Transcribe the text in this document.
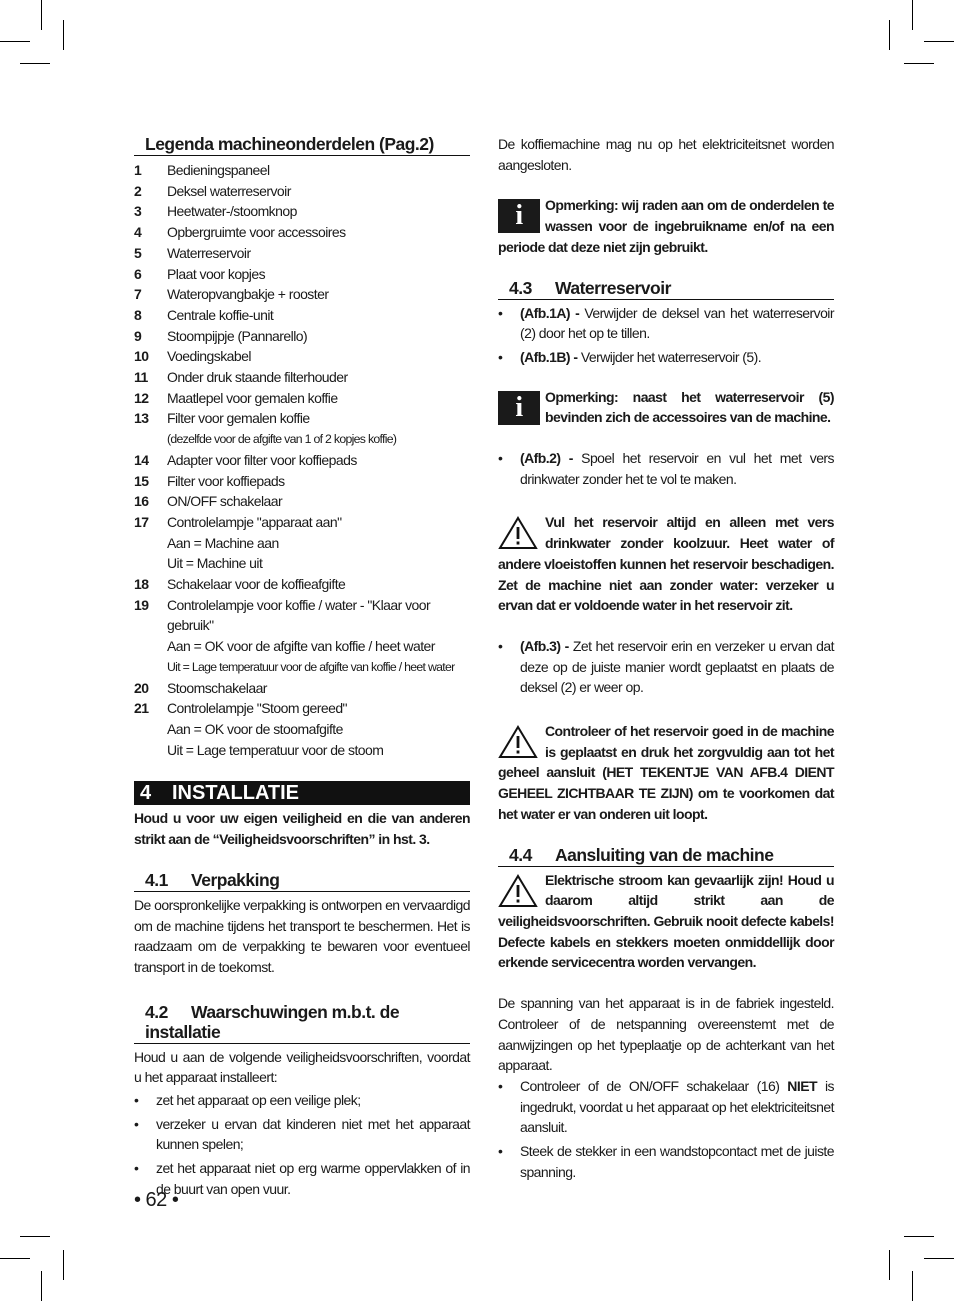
Legenda machineonderdelen (Pag.2)
1	Bedieningspaneel
2	Deksel waterreservoir
3	Heetwater-/stoomknop
4	Opbergruimte voor accessoires
5	Waterreservoir
6	Plaat voor kopjes
7	Wateropvangbakje + rooster
8	Centrale koffie-unit
9	Stoompijpje (Pannarello)
10	Voedingskabel
11	Onder druk staande filterhouder
12	Maatlepel voor gemalen koffie
13	Filter voor gemalen koffie
(dezelfde voor de afgifte van 1 of 2 kopjes koffie)
14	Adapter voor filter voor koffiepads
15	Filter voor koffiepads
16	ON/OFF schakelaar
17	Controlelampje "apparaat aan"
Aan = Machine aan
Uit = Machine uit
18	Schakelaar voor de koffieafgifte
19	Controlelampje voor koffie / water - "Klaar voor gebruik"
Aan = OK voor de afgifte van koffie / heet water
Uit = Lage temperatuur voor de afgifte van koffie / heet water
20	Stoomschakelaar
21	Controlelampje "Stoom gereed"
Aan = OK voor de stoomafgifte
Uit = Lage temperatuur voor de stoom
4 INSTALLATIE

Houd u voor uw eigen veiligheid en die van anderen strikt aan de “Veiligheidsvoorschriften” in hst. 3.

4.1 Verpakking

De oorspronkelijke verpakking is ontworpen en vervaardigd om de machine tijdens het transport te beschermen. Het is raadzaam om de verpakking te bewaren voor eventueel transport in de toekomst.

4.2 Waarschuwingen m.b.t. de installatie

Houd u aan de volgende veiligheidsvoorschriften, voordat u het apparaat installeert:

• zet het apparaat op een veilige plek;
• verzeker u ervan dat kinderen niet met het apparaat kunnen spelen;
• zet het apparaat niet op erg warme oppervlakken of in de buurt van open vuur.
• 62 •

De koffiemachine mag nu op het elektriciteitsnet worden aangesloten.

i	Opmerking: wij raden aan om de onderdelen te wassen voor de ingebruikname en/of na een periode dat deze niet zijn gebruikt.
4.3 Waterreservoir
• (Afb.1A) - Verwijder de deksel van het waterreservoir (2) door het op te tillen.
• (Afb.1B) - Verwijder het waterreservoir (5).
i	Opmerking: naast het waterreservoir (5) bevinden zich de accessoires van de machine.
• (Afb.2) - Spoel het reservoir en vul het met vers drinkwater zonder het te vol te maken.
Vul het reservoir altijd en alleen met vers drinkwater zonder koolzuur. Heet water of andere vloeistoffen kunnen het reservoir beschadigen. Zet de machine niet aan zonder water: verzeker u ervan dat er voldoende water in het reservoir zit.
• (Afb.3) - Zet het reservoir erin en verzeker u ervan dat deze op de juiste manier wordt geplaatst en plaats de deksel (2) er weer op.
Controleer of het reservoir goed in de machine is geplaatst en druk het zorgvuldig aan tot het geheel aansluit (HET TEKENTJE VAN AFB.4 DIENT GEHEEL ZICHTBAAR TE ZIJN) om te voorkomen dat het water er van onderen uit loopt.
4.4 Aansluiting van de machine
Elektrische stroom kan gevaarlijk zijn! Houd u daarom altijd strikt aan de veiligheidsvoorschriften. Gebruik nooit defecte kabels! Defecte kabels en stekkers moeten onmiddellijk door erkende servicecentra worden vervangen.

De spanning van het apparaat is in de fabriek ingesteld. Controleer of de netspanning overeenstemt met de aanwijzingen op het typeplaatje op de achterkant van het apparaat.

• Controleer of de ON/OFF schakelaar (16) NIET is ingedrukt, voordat u het apparaat op het elektriciteitsnet aansluit.
• Steek de stekker in een wandstopcontact met de juiste spanning.
